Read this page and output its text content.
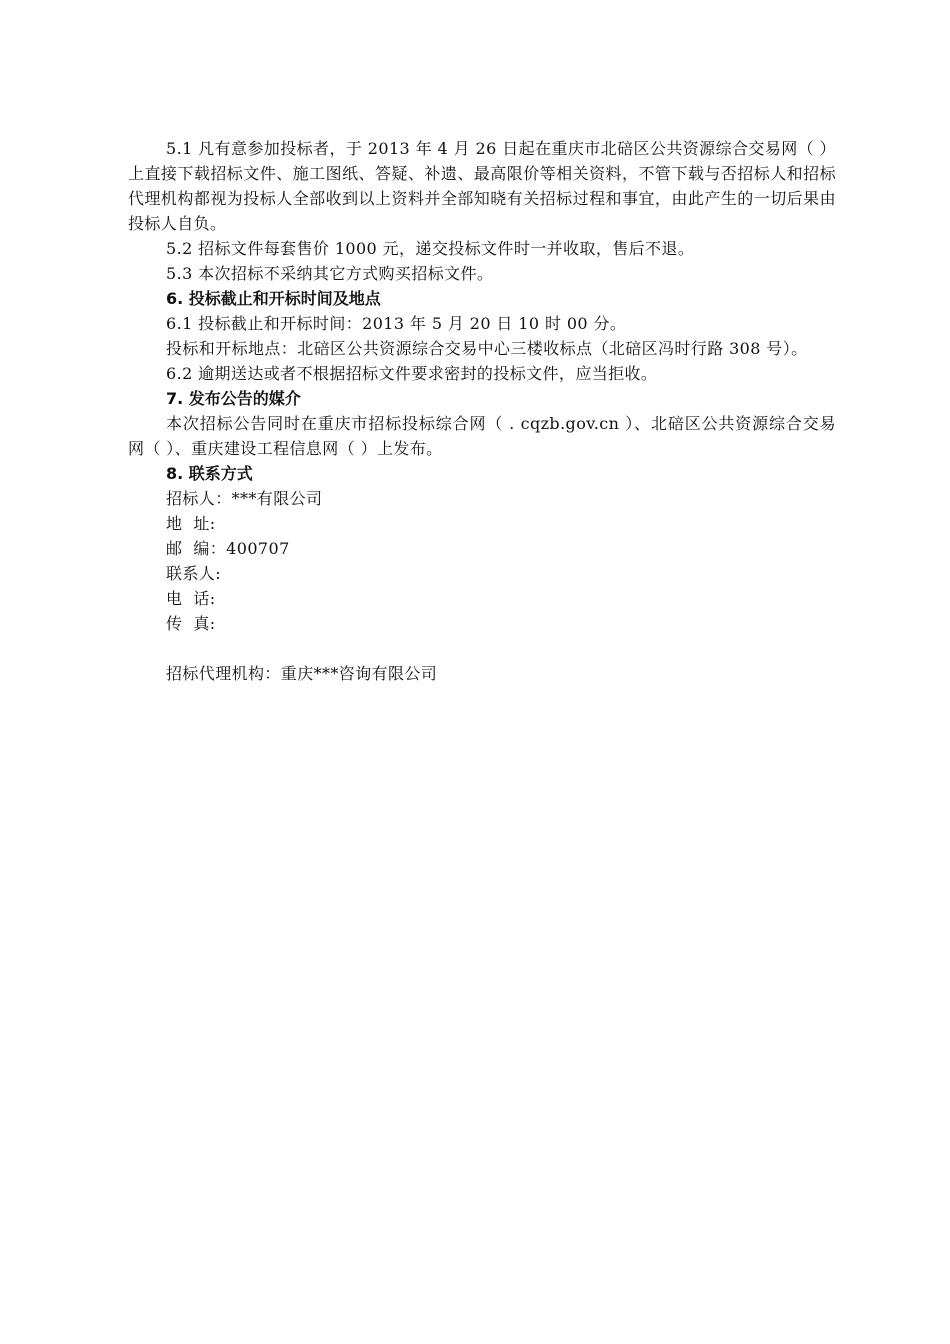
5.1 凡有意参加投标者，于 2013 年 4 月 26 日起在重庆市北碚区公共资源综合交易网（ ）上直接下载招标文件、施工图纸、答疑、补遗、最高限价等相关资料，不管下载与否招标人和招标代理机构都视为投标人全部收到以上资料并全部知晓有关招标过程和事宜，由此产生的一切后果由投标人自负。

5.2 招标文件每套售价 1000 元，递交投标文件时一并收取，售后不退。

5.3 本次招标不采纳其它方式购买招标文件。

6. 投标截止和开标时间及地点

6.1 投标截止和开标时间：2013 年 5 月 20 日 10 时 00 分。

投标和开标地点：北碚区公共资源综合交易中心三楼收标点（北碚区冯时行路 308 号）。

6.2 逾期送达或者不根据招标文件要求密封的投标文件，应当拒收。

7. 发布公告的媒介

本次招标公告同时在重庆市招标投标综合网（ . cqzb.gov.cn ）、北碚区公共资源综合交易网（ ）、重庆建设工程信息网（ ）上发布。

8. 联系方式

招标人：***有限公司

地  址:

邮  编：400707

联系人:

电  话:

传  真:

招标代理机构：重庆***咨询有限公司
